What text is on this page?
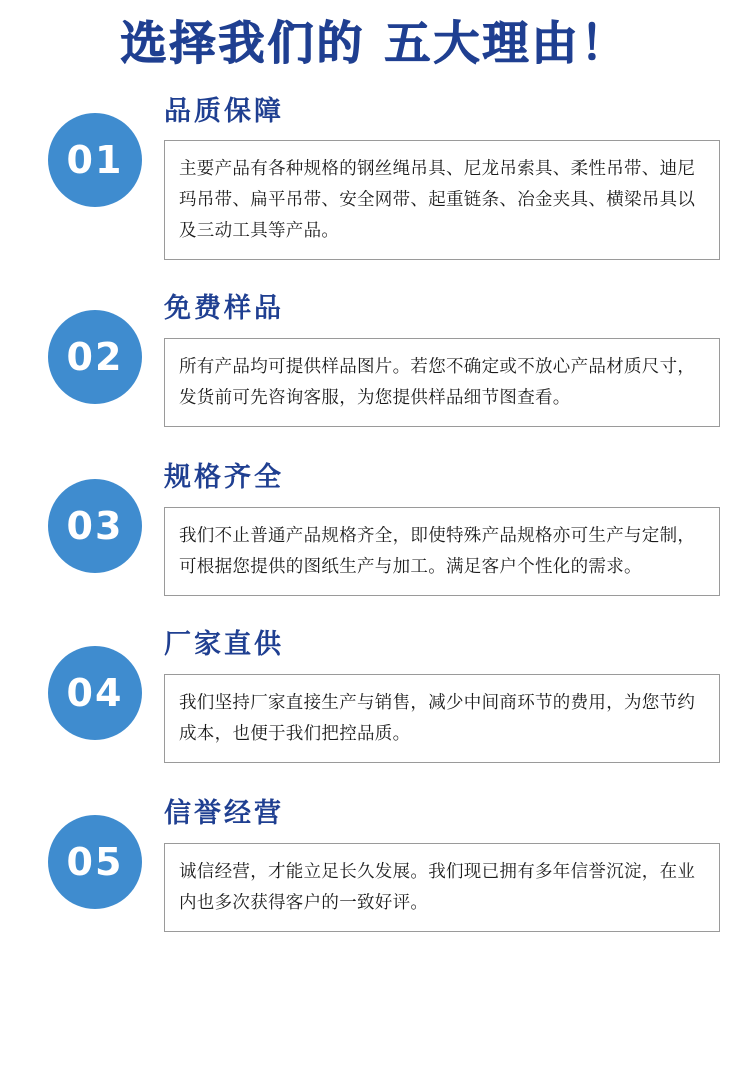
选择我们的 五大理由！
01
品质保障
主要产品有各种规格的钢丝绳吊具、尼龙吊索具、柔性吊带、迪尼玛吊带、扁平吊带、安全网带、起重链条、冶金夹具、横梁吊具以及三动工具等产品。
02
免费样品
所有产品均可提供样品图片。若您不确定或不放心产品材质尺寸，发货前可先咨询客服，为您提供样品细节图查看。
03
规格齐全
我们不止普通产品规格齐全，即使特殊产品规格亦可生产与定制，可根据您提供的图纸生产与加工。满足客户个性化的需求。
04
厂家直供
我们坚持厂家直接生产与销售，减少中间商环节的费用，为您节约成本，也便于我们把控品质。
05
信誉经营
诚信经营，才能立足长久发展。我们现已拥有多年信誉沉淀，在业内也多次获得客户的一致好评。
